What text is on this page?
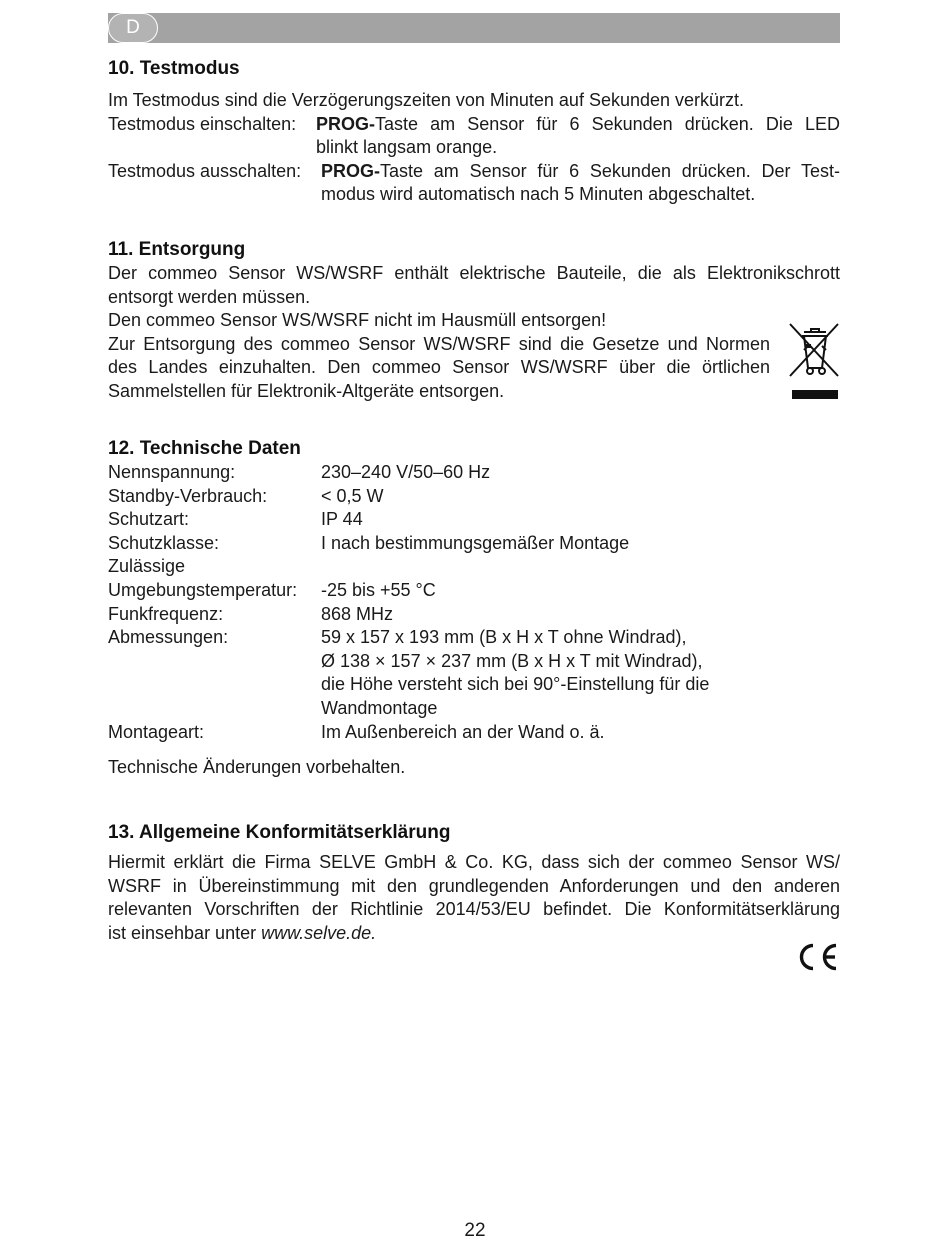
D
10. Testmodus
Im Testmodus sind die Verzögerungszeiten von Minuten auf Sekunden verkürzt.
Testmodus einschalten:	PROG-Taste am Sensor für 6 Sekunden drücken. Die LED
blinkt langsam orange.
Testmodus ausschalten:	PROG-Taste am Sensor für 6 Sekunden drücken. Der Test-
modus wird automatisch nach 5 Minuten abgeschaltet.
11. Entsorgung
Der commeo Sensor WS/WSRF enthält elektrische Bauteile, die als Elektronikschrott
entsorgt werden müssen.
Den commeo Sensor WS/WSRF nicht im Hausmüll entsorgen!
Zur Entsorgung des commeo Sensor WS/WSRF sind die Gesetze und Normen
des Landes einzuhalten. Den commeo Sensor WS/WSRF über die örtlichen
Sammelstellen für Elektronik-Altgeräte entsorgen.
12. Technische Daten
Nennspannung:	230–240 V/50–60 Hz
Standby-Verbrauch:	< 0,5 W
Schutzart:	IP 44
Schutzklasse:	I nach bestimmungsgemäßer Montage
Zulässige

Umgebungstemperatur:	-25 bis +55 °C
Funkfrequenz:	868 MHz
Abmessungen:	59 x 157 x 193 mm (B x H x T ohne Windrad),

Ø 138 × 157 × 237 mm (B x H x T mit Windrad),

die Höhe versteht sich bei 90°-Einstellung für die

Wandmontage
Montageart:	Im Außenbereich an der Wand o. ä.
Technische Änderungen vorbehalten.
13. Allgemeine Konformitätserklärung
Hiermit erklärt die Firma SELVE GmbH & Co. KG, dass sich der commeo Sensor WS/
WSRF in Übereinstimmung mit den grundlegenden Anforderungen und den anderen
relevanten Vorschriften der Richtlinie 2014/53/EU befindet. Die Konformitätserklärung
ist einsehbar unter www.selve.de.
22
